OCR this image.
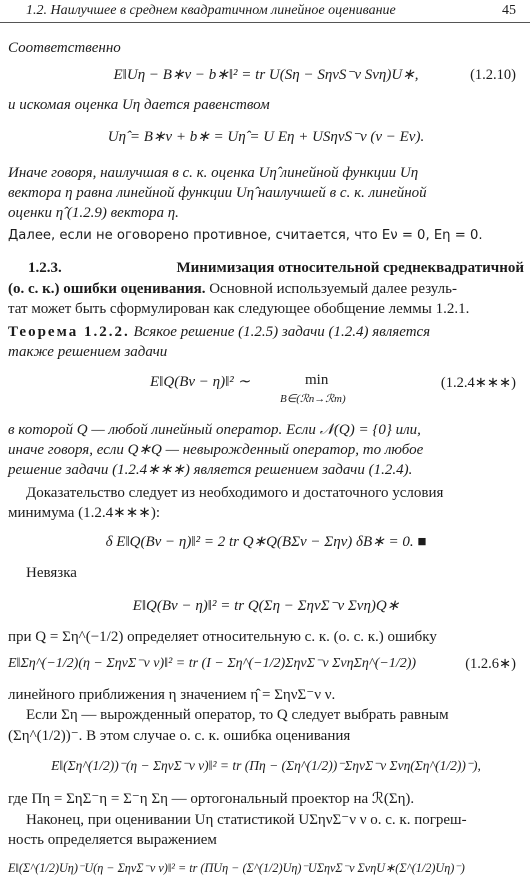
1.2. Наилучшее в среднем квадратичном линейное оценивание	45
Соответственно
E‖Uη − B∗ν − b∗‖² = tr U(Sη − SηνS⁻ν Sνη)U∗,	(1.2.10)
и искомая оценка Uη дается равенством
Uη̂ = B∗ν + b∗ = Uη̂ = U Eη + USηνS⁻ν (ν − Eν).
Иначе говоря, наилучшая в с. к. оценка Uη̂ линейной функции Uη
вектора η равна линейной функции Uη̂ наилучшей в с. к. линейной
оценки η̂ (1.2.9) вектора η.
Далее, если не оговорено противное, считается, что Eν = 0, Eη = 0.
1.2.3.	Минимизация относительной среднеквадратичной
(о. с. к.) ошибки оценивания. Основной используемый далее резуль-
тат может быть сформулирован как следующее обобщение леммы 1.2.1.
Теорема 1.2.2. Всякое решение (1.2.5) задачи (1.2.4) является
также решением задачи
E‖Q(Bν − η)‖² ∼	min
B∈(ℛn→ℛm)
(1.2.4∗∗∗)
в которой Q — любой линейный оператор. Если 𝒩(Q) = {0} или,
иначе говоря, если Q∗Q — невырожденный оператор, то любое
решение задачи (1.2.4∗∗∗) является решением задачи (1.2.4).
Доказательство следует из необходимого и достаточного условия
минимума (1.2.4∗∗∗):
δ E‖Q(Bν − η)‖² = 2 tr Q∗Q(BΣν − Σην) δB∗ = 0. ■
Невязка
E‖Q(Bν − η)‖² = tr Q(Ση − ΣηνΣ⁻ν Σνη)Q∗
при Q = Ση^(−1/2) определяет относительную с. к. (о. с. к.) ошибку
E‖Ση^(−1/2)(η − ΣηνΣ⁻ν ν)‖² = tr (I − Ση^(−1/2)ΣηνΣ⁻ν ΣνηΣη^(−1/2))	(1.2.6∗)
линейного приближения η значением η̂ = ΣηνΣ⁻ν ν.
Если Ση — вырожденный оператор, то Q следует выбрать равным
(Ση^(1/2))⁻. В этом случае о. с. к. ошибка оценивания
E‖(Ση^(1/2))⁻(η − ΣηνΣ⁻ν ν)‖² = tr (Πη − (Ση^(1/2))⁻ΣηνΣ⁻ν Σνη(Ση^(1/2))⁻),
где Πη = ΣηΣ⁻η = Σ⁻η Ση — ортогональный проектор на ℛ(Ση).
Наконец, при оценивании Uη статистикой UΣηνΣ⁻ν ν о. с. к. погреш-
ность определяется выражением
E‖(Σ^(1/2)Uη)⁻U(η − ΣηνΣ⁻ν ν)‖² = tr (ΠUη − (Σ^(1/2)Uη)⁻UΣηνΣ⁻ν ΣνηU∗(Σ^(1/2)Uη)⁻)
